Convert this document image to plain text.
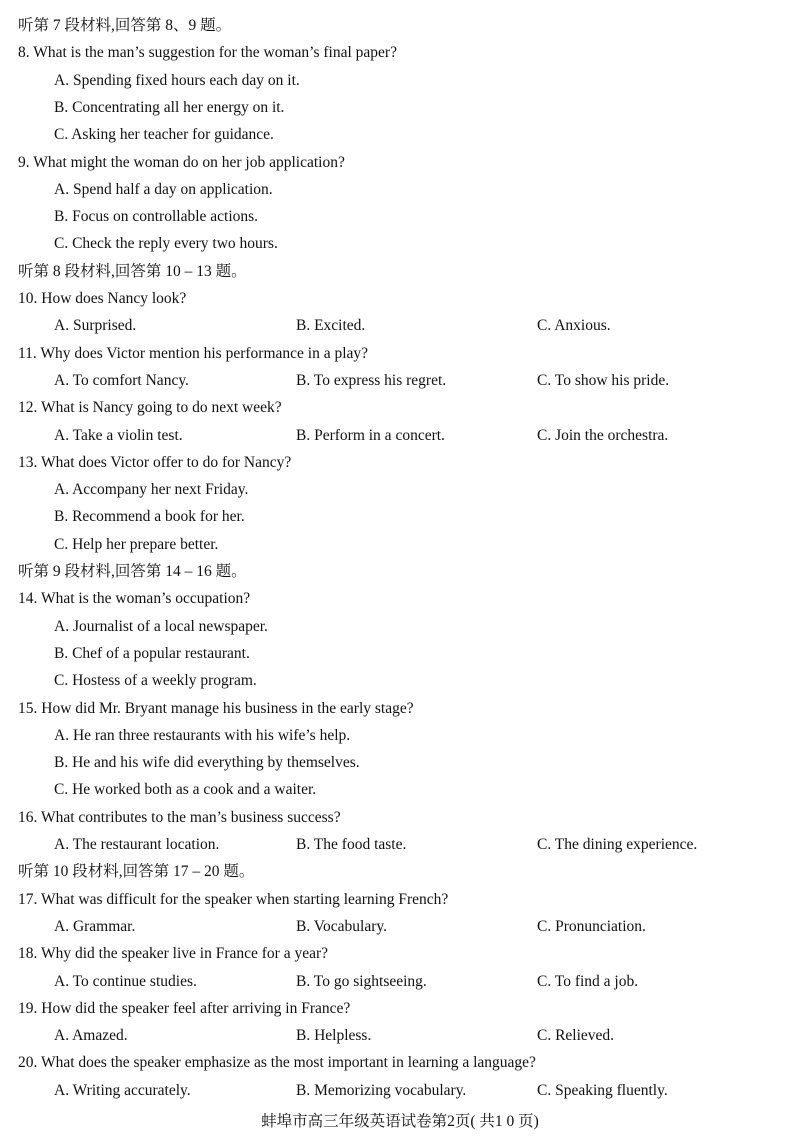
听第 7 段材料,回答第 8、9 题。
8. What is the man’s suggestion for the woman’s final paper?
A. Spending fixed hours each day on it.
B. Concentrating all her energy on it.
C. Asking her teacher for guidance.
9. What might the woman do on her job application?
A. Spend half a day on application.
B. Focus on controllable actions.
C. Check the reply every two hours.
听第 8 段材料,回答第 10 – 13 题。
10. How does Nancy look?
A. Surprised.	B. Excited.	C. Anxious.
11. Why does Victor mention his performance in a play?
A. To comfort Nancy.	B. To express his regret.	C. To show his pride.
12. What is Nancy going to do next week?
A. Take a violin test.	B. Perform in a concert.	C. Join the orchestra.
13. What does Victor offer to do for Nancy?
A. Accompany her next Friday.
B. Recommend a book for her.
C. Help her prepare better.
听第 9 段材料,回答第 14 – 16 题。
14. What is the woman’s occupation?
A. Journalist of a local newspaper.
B. Chef of a popular restaurant.
C. Hostess of a weekly program.
15. How did Mr. Bryant manage his business in the early stage?
A. He ran three restaurants with his wife’s help.
B. He and his wife did everything by themselves.
C. He worked both as a cook and a waiter.
16. What contributes to the man’s business success?
A. The restaurant location.	B. The food taste.	C. The dining experience.
听第 10 段材料,回答第 17 – 20 题。
17. What was difficult for the speaker when starting learning French?
A. Grammar.	B. Vocabulary.	C. Pronunciation.
18. Why did the speaker live in France for a year?
A. To continue studies.	B. To go sightseeing.	C. To find a job.
19. How did the speaker feel after arriving in France?
A. Amazed.	B. Helpless.	C. Relieved.
20. What does the speaker emphasize as the most important in learning a language?
A. Writing accurately.	B. Memorizing vocabulary.	C. Speaking fluently.
蚌埠市高三年级英语试卷第2页( 共1 0 页)
